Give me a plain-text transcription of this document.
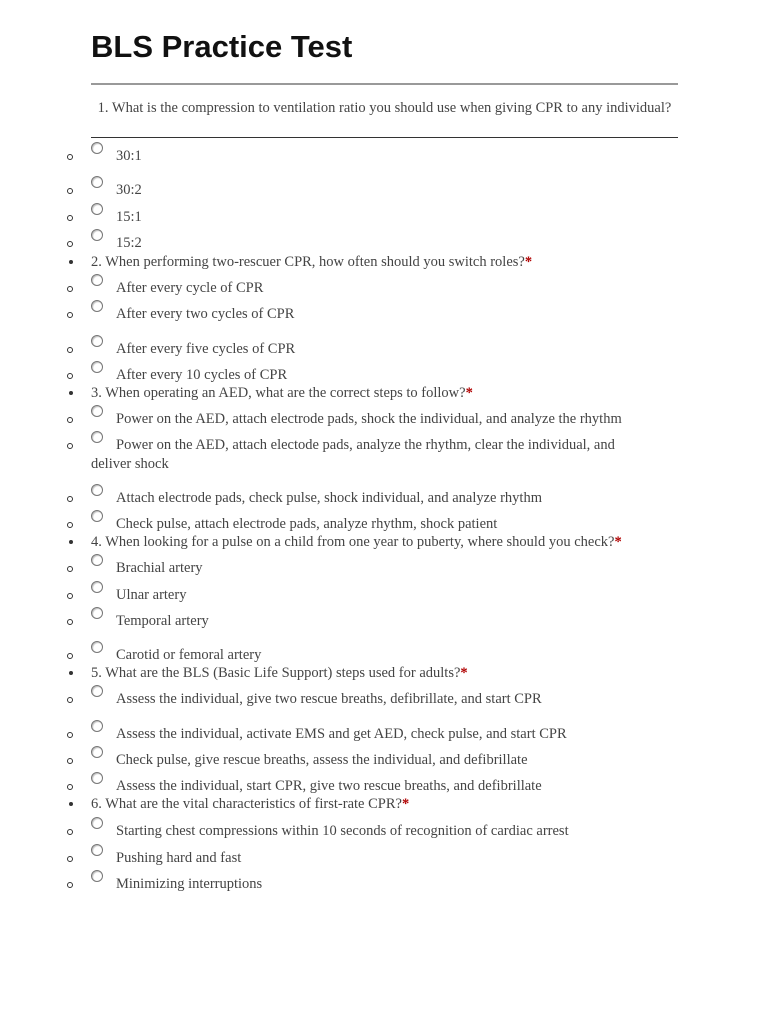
BLS Practice Test
1. What is the compression to ventilation ratio you should use when giving CPR to any individual?
30:1
30:2
15:1
15:2
2. When performing two-rescuer CPR, how often should you switch roles?*
After every cycle of CPR
After every two cycles of CPR
After every five cycles of CPR
After every 10 cycles of CPR
3. When operating an AED, what are the correct steps to follow?*
Power on the AED, attach electrode pads, shock the individual, and analyze the rhythm
Power on the AED, attach electode pads, analyze the rhythm, clear the individual, and deliver shock
Attach electrode pads, check pulse, shock individual, and analyze rhythm
Check pulse, attach electrode pads, analyze rhythm, shock patient
4. When looking for a pulse on a child from one year to puberty, where should you check?*
Brachial artery
Ulnar artery
Temporal artery
Carotid or femoral artery
5. What are the BLS (Basic Life Support) steps used for adults?*
Assess the individual, give two rescue breaths, defibrillate, and start CPR
Assess the individual, activate EMS and get AED, check pulse, and start CPR
Check pulse, give rescue breaths, assess the individual, and defibrillate
Assess the individual, start CPR, give two rescue breaths, and defibrillate
6. What are the vital characteristics of first-rate CPR?*
Starting chest compressions within 10 seconds of recognition of cardiac arrest
Pushing hard and fast
Minimizing interruptions
